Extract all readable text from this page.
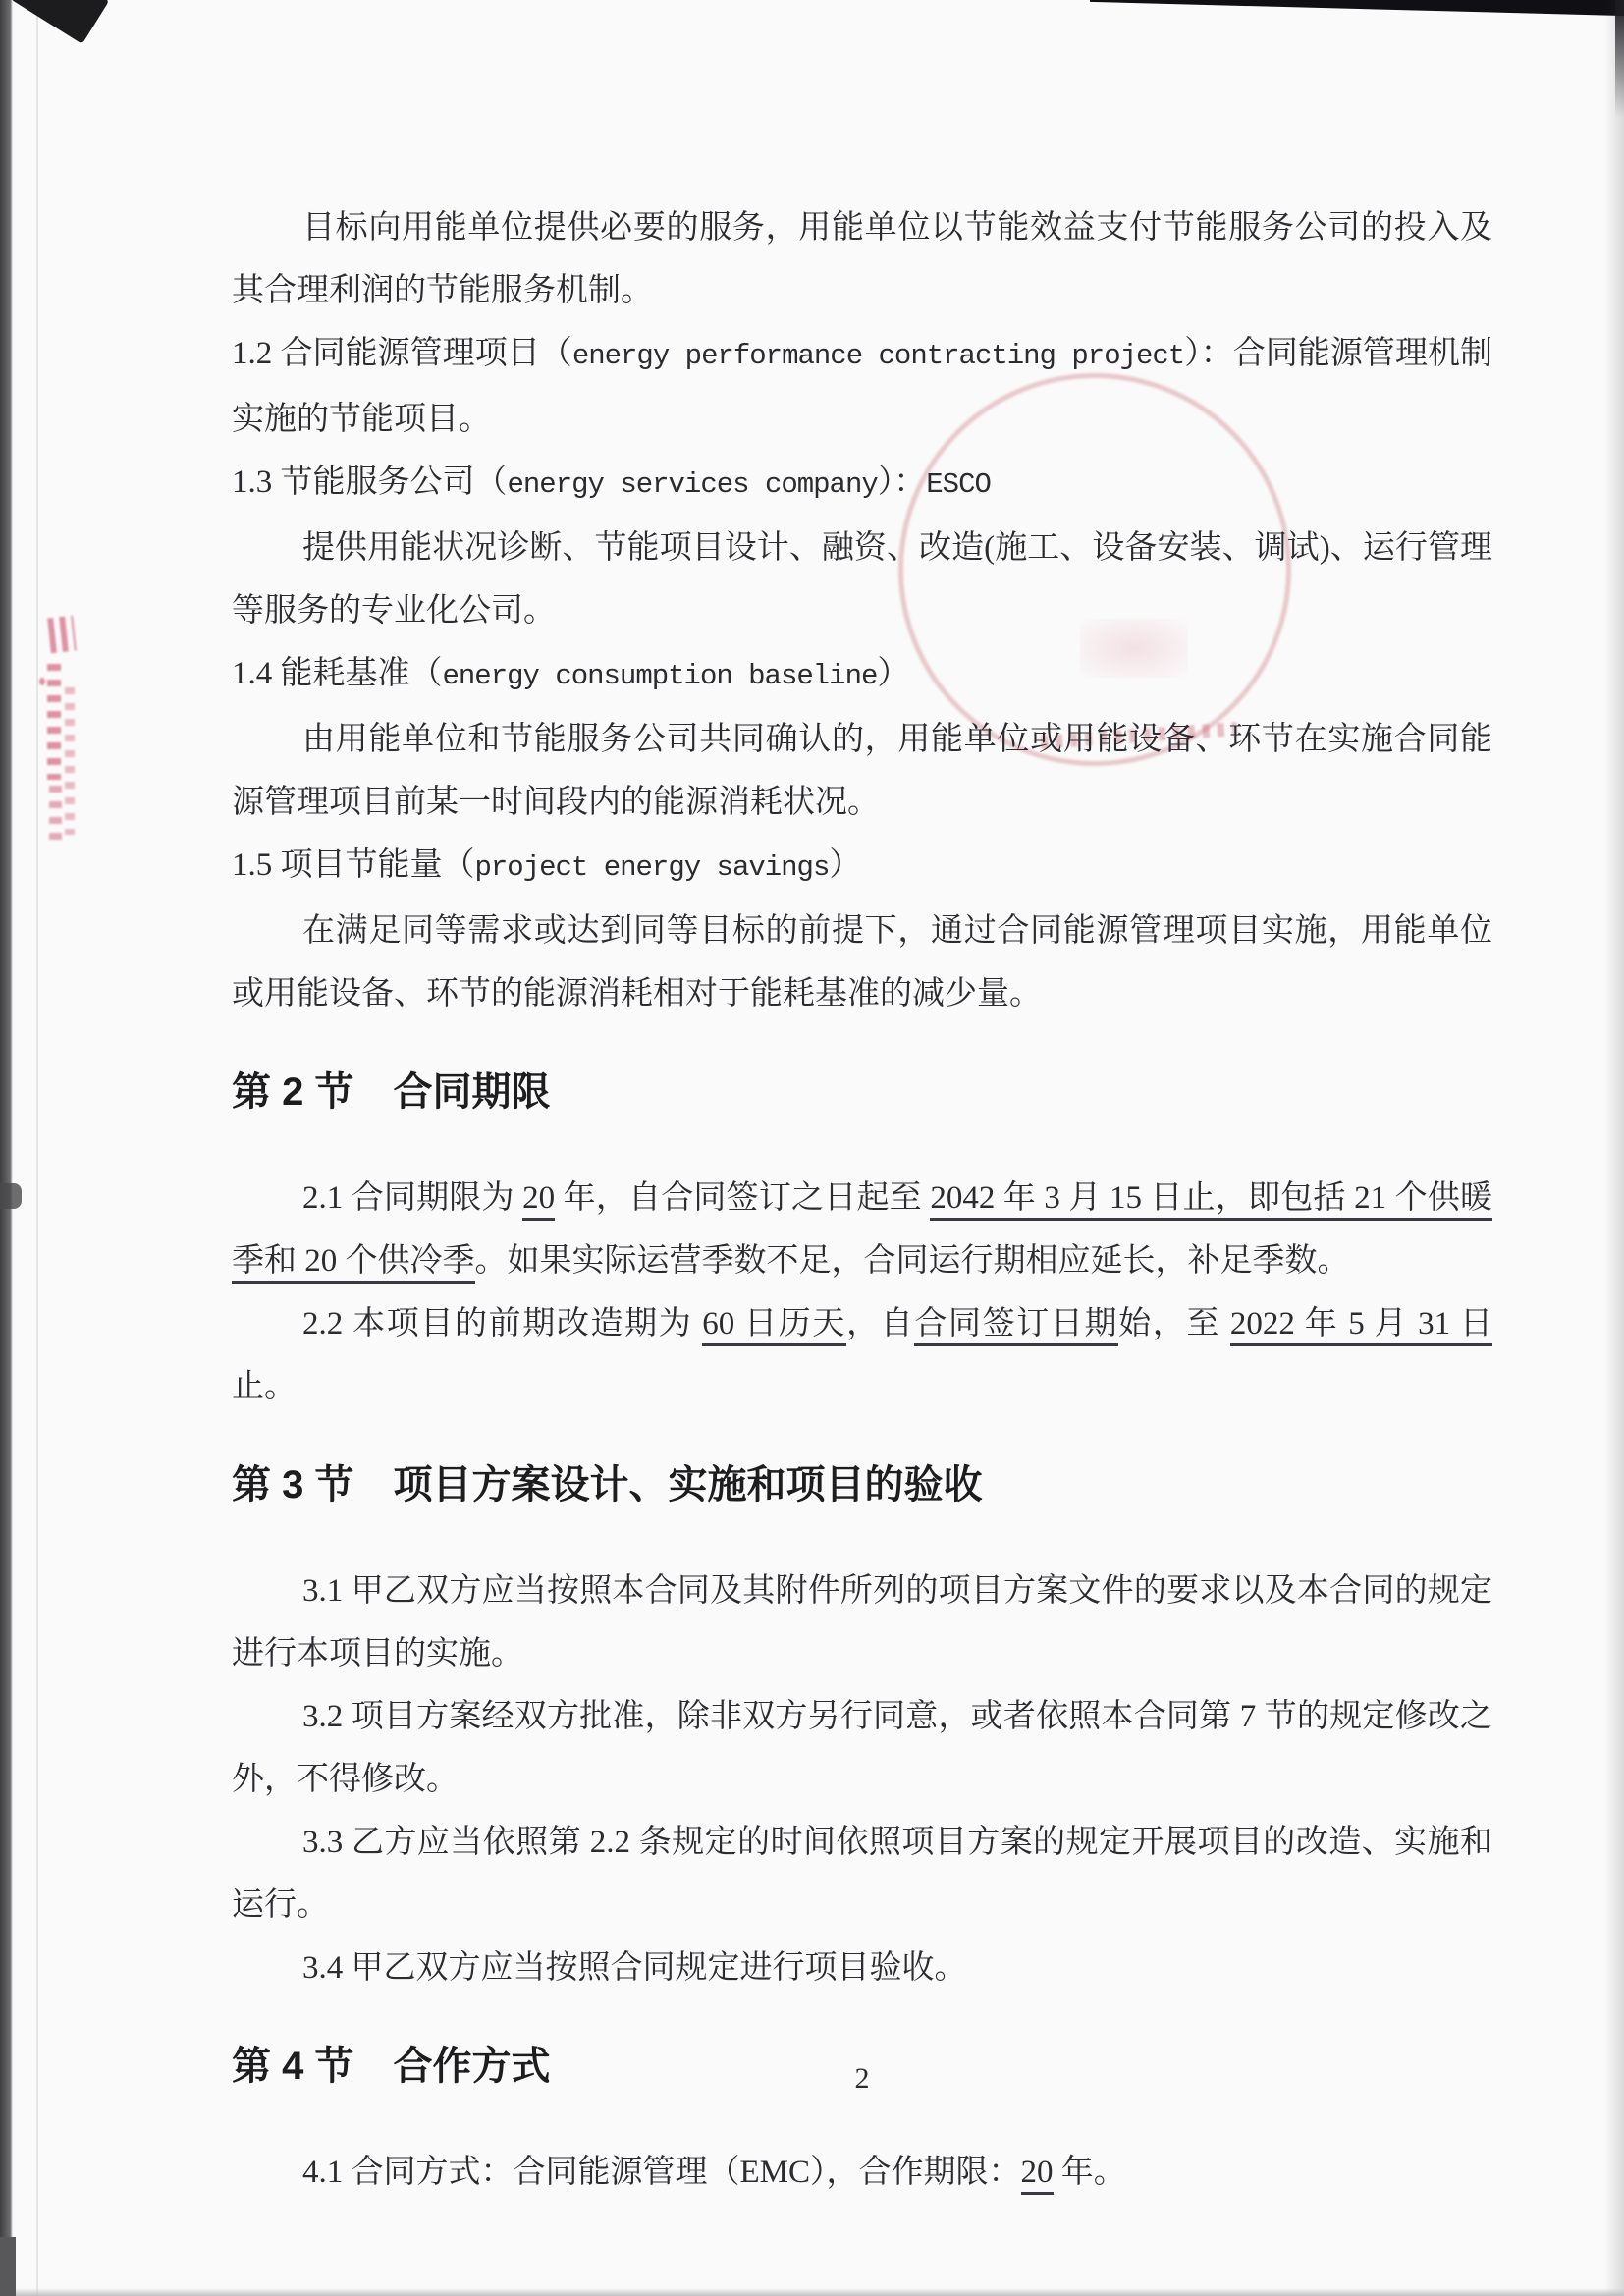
目标向用能单位提供必要的服务，用能单位以节能效益支付节能服务公司的投入及其合理利润的节能服务机制。
1.2 合同能源管理项目（energy performance contracting project）：合同能源管理机制实施的节能项目。
1.3 节能服务公司（energy services company）：ESCO
提供用能状况诊断、节能项目设计、融资、改造(施工、设备安装、调试)、运行管理等服务的专业化公司。
1.4 能耗基准（energy consumption baseline）
由用能单位和节能服务公司共同确认的，用能单位或用能设备、环节在实施合同能源管理项目前某一时间段内的能源消耗状况。
1.5 项目节能量（project energy savings）
在满足同等需求或达到同等目标的前提下，通过合同能源管理项目实施，用能单位或用能设备、环节的能源消耗相对于能耗基准的减少量。
第 2 节　合同期限
2.1 合同期限为 20 年，自合同签订之日起至 2042 年 3 月 15 日止，即包括 21 个供暖季和 20 个供冷季。如果实际运营季数不足，合同运行期相应延长，补足季数。
2.2 本项目的前期改造期为 60 日历天，自合同签订日期始，至 2022 年 5 月 31 日止。
第 3 节　项目方案设计、实施和项目的验收
3.1 甲乙双方应当按照本合同及其附件所列的项目方案文件的要求以及本合同的规定进行本项目的实施。
3.2 项目方案经双方批准，除非双方另行同意，或者依照本合同第 7 节的规定修改之外，不得修改。
3.3 乙方应当依照第 2.2 条规定的时间依照项目方案的规定开展项目的改造、实施和运行。
3.4 甲乙双方应当按照合同规定进行项目验收。
第 4 节　合作方式
4.1 合同方式：合同能源管理（EMC），合作期限：20 年。
2
